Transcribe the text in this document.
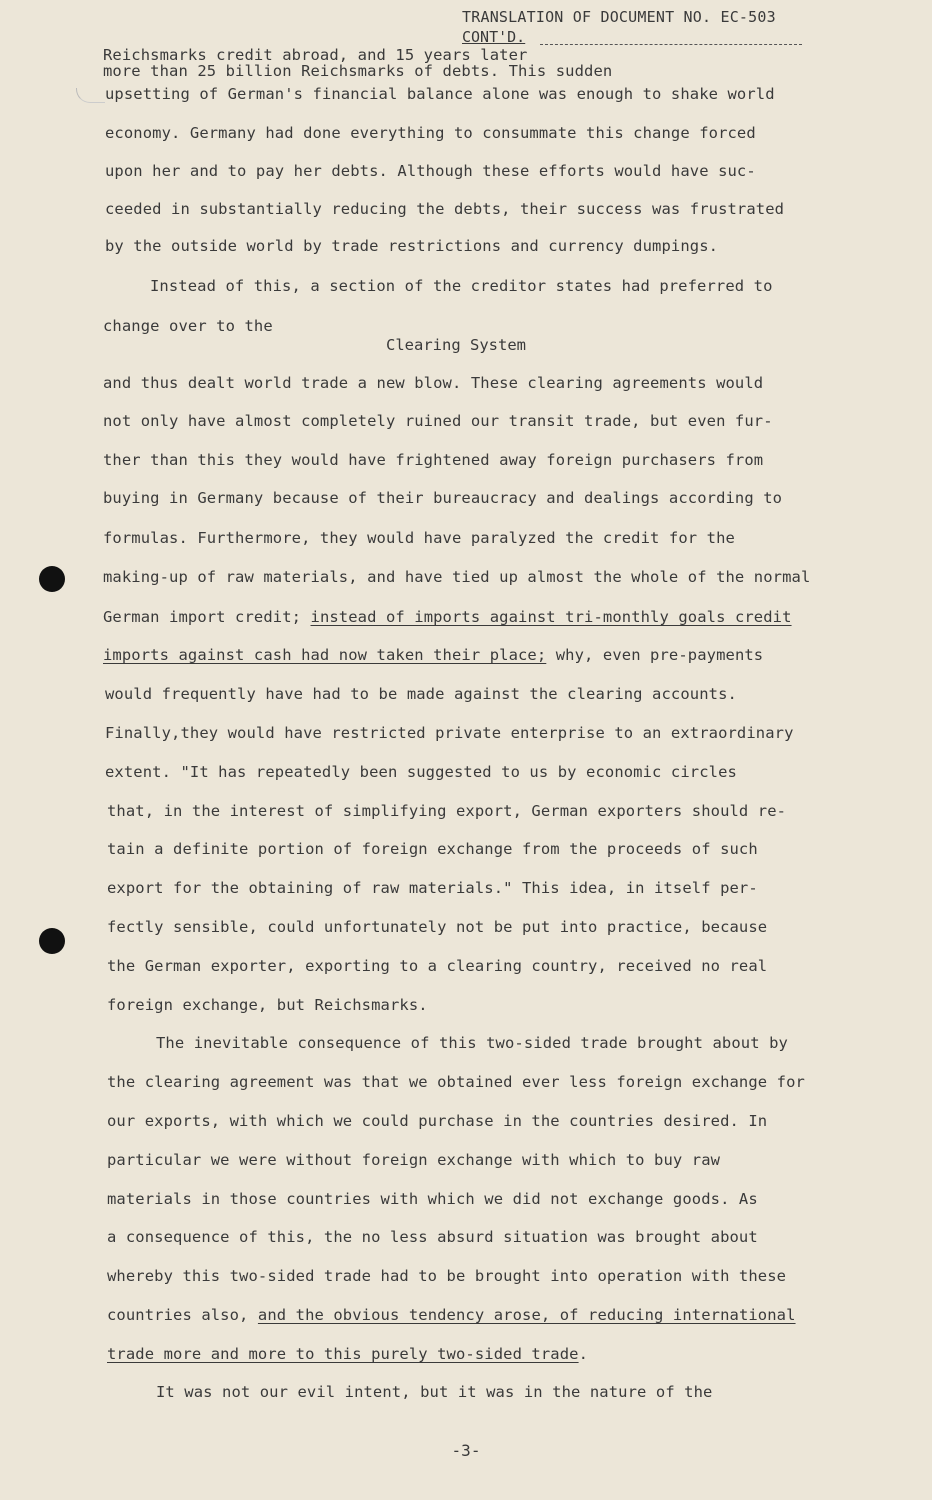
TRANSLATION OF DOCUMENT NO. EC-503
CONT'D.
Reichsmarks credit abroad, and 15 years later
more than 25 billion Reichsmarks of debts. This sudden
upsetting of German's financial balance alone was enough to shake world
economy. Germany had done everything to consummate this change forced
upon her and to pay her debts. Although these efforts would have suc-
ceeded in substantially reducing the debts, their success was frustrated
by the outside world by trade restrictions and currency dumpings.
Instead of this, a section of the creditor states had preferred to
change over to the
Clearing System
and thus dealt world trade a new blow. These clearing agreements would
not only have almost completely ruined our transit trade, but even fur-
ther than this they would have frightened away foreign purchasers from
buying in Germany because of their bureaucracy and dealings according to
formulas. Furthermore, they would have paralyzed the credit for the
making-up of raw materials, and have tied up almost the whole of the normal
German import credit; instead of imports against tri-monthly goals credit
imports against cash had now taken their place; why, even pre-payments
would frequently have had to be made against the clearing accounts.
Finally,they would have restricted private enterprise to an extraordinary
extent. "It has repeatedly been suggested to us by economic circles
that, in the interest of simplifying export, German exporters should re-
tain a definite portion of foreign exchange from the proceeds of such
export for the obtaining of raw materials." This idea, in itself per-
fectly sensible, could unfortunately not be put into practice, because
the German exporter, exporting to a clearing country, received no real
foreign exchange, but Reichsmarks.
The inevitable consequence of this two-sided trade brought about by
the clearing agreement was that we obtained ever less foreign exchange for
our exports, with which we could purchase in the countries desired. In
particular we were without foreign exchange with which to buy raw
materials in those countries with which we did not exchange goods. As
a consequence of this, the no less absurd situation was brought about
whereby this two-sided trade had to be brought into operation with these
countries also, and the obvious tendency arose, of reducing international
trade more and more to this purely two-sided trade.
It was not our evil intent, but it was in the nature of the
-3-
